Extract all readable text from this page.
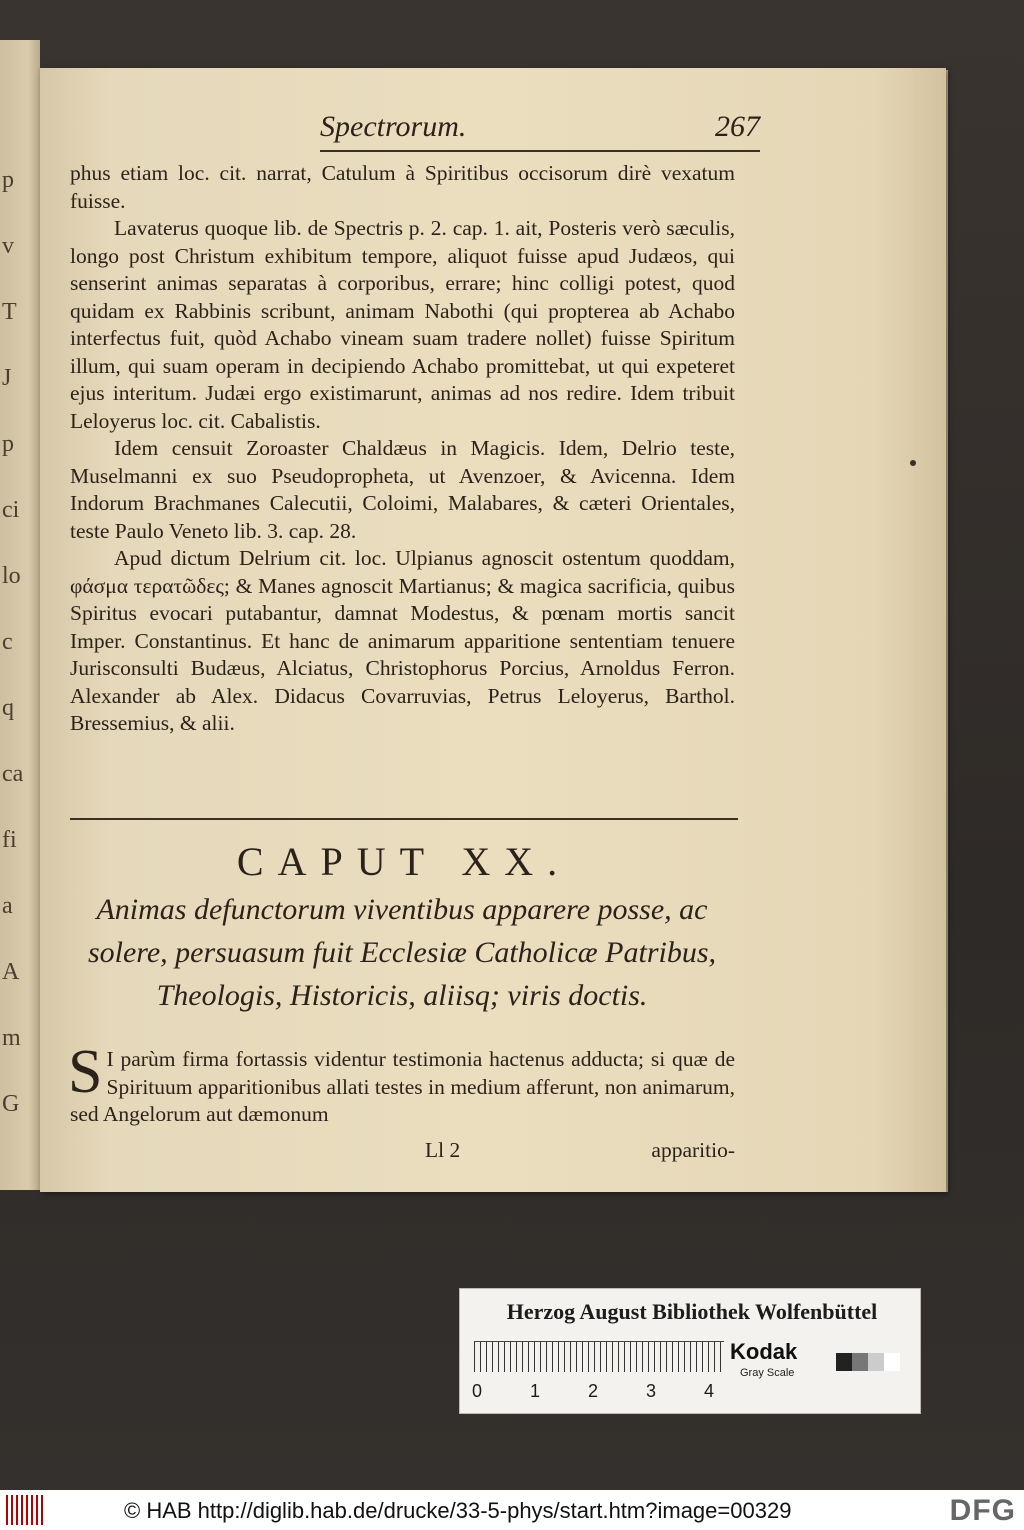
p
v
T
J
p
ci
lo
c
q
ca
fi
a
A
m
G
Spectrorum.	267

phus etiam loc. cit. narrat, Catulum à Spiritibus occisorum dirè vexatum fuisse.

Lavaterus quoque lib. de Spectris p. 2. cap. 1. ait, Posteris verò sæculis, longo post Christum exhibitum tempore, aliquot fuisse apud Judæos, qui senserint animas separatas à corporibus, errare; hinc colligi potest, quod quidam ex Rabbinis scribunt, animam Nabothi (qui propterea ab Achabo interfectus fuit, quòd Achabo vineam suam tradere nollet) fuisse Spiritum illum, qui suam operam in decipiendo Achabo promittebat, ut qui expeteret ejus interitum. Judæi ergo existimarunt, animas ad nos redire. Idem tribuit Leloyerus loc. cit. Cabalistis.

Idem censuit Zoroaster Chaldæus in Magicis. Idem, Delrio teste, Muselmanni ex suo Pseudopropheta, ut Avenzoer, & Avicenna. Idem Indorum Brachmanes Calecutii, Coloimi, Malabares, & cæteri Orientales, teste Paulo Veneto lib. 3. cap. 28.

Apud dictum Delrium cit. loc. Ulpianus agnoscit ostentum quoddam, φάσμα τερατῶδες; & Manes agnoscit Martianus; & magica sacrificia, quibus Spiritus evocari putabantur, damnat Modestus, & pœnam mortis sancit Imper. Constantinus. Et hanc de animarum apparitione sententiam tenuere Jurisconsulti Budæus, Alciatus, Christophorus Porcius, Arnoldus Ferron. Alexander ab Alex. Didacus Covarruvias, Petrus Leloyerus, Barthol. Bressemius, & alii.

CAPUT XX.
Animas defunctorum viventibus apparere posse, ac solere, persuasum fuit Ecclesiæ Catholicæ Patribus, Theologis, Historicis, aliisq; viris doctis.
S I parùm firma fortassis videntur testimonia hactenus adducta; si quæ de Spirituum apparitionibus allati testes in medium afferunt, non animarum, sed Angelorum aut dæmonum
Ll 2	apparitio-
Herzog August Bibliothek Wolfenbüttel
0	1	2	3	4
Kodak
Gray Scale
© HAB http://diglib.hab.de/drucke/33-5-phys/start.htm?image=00329	DFG
